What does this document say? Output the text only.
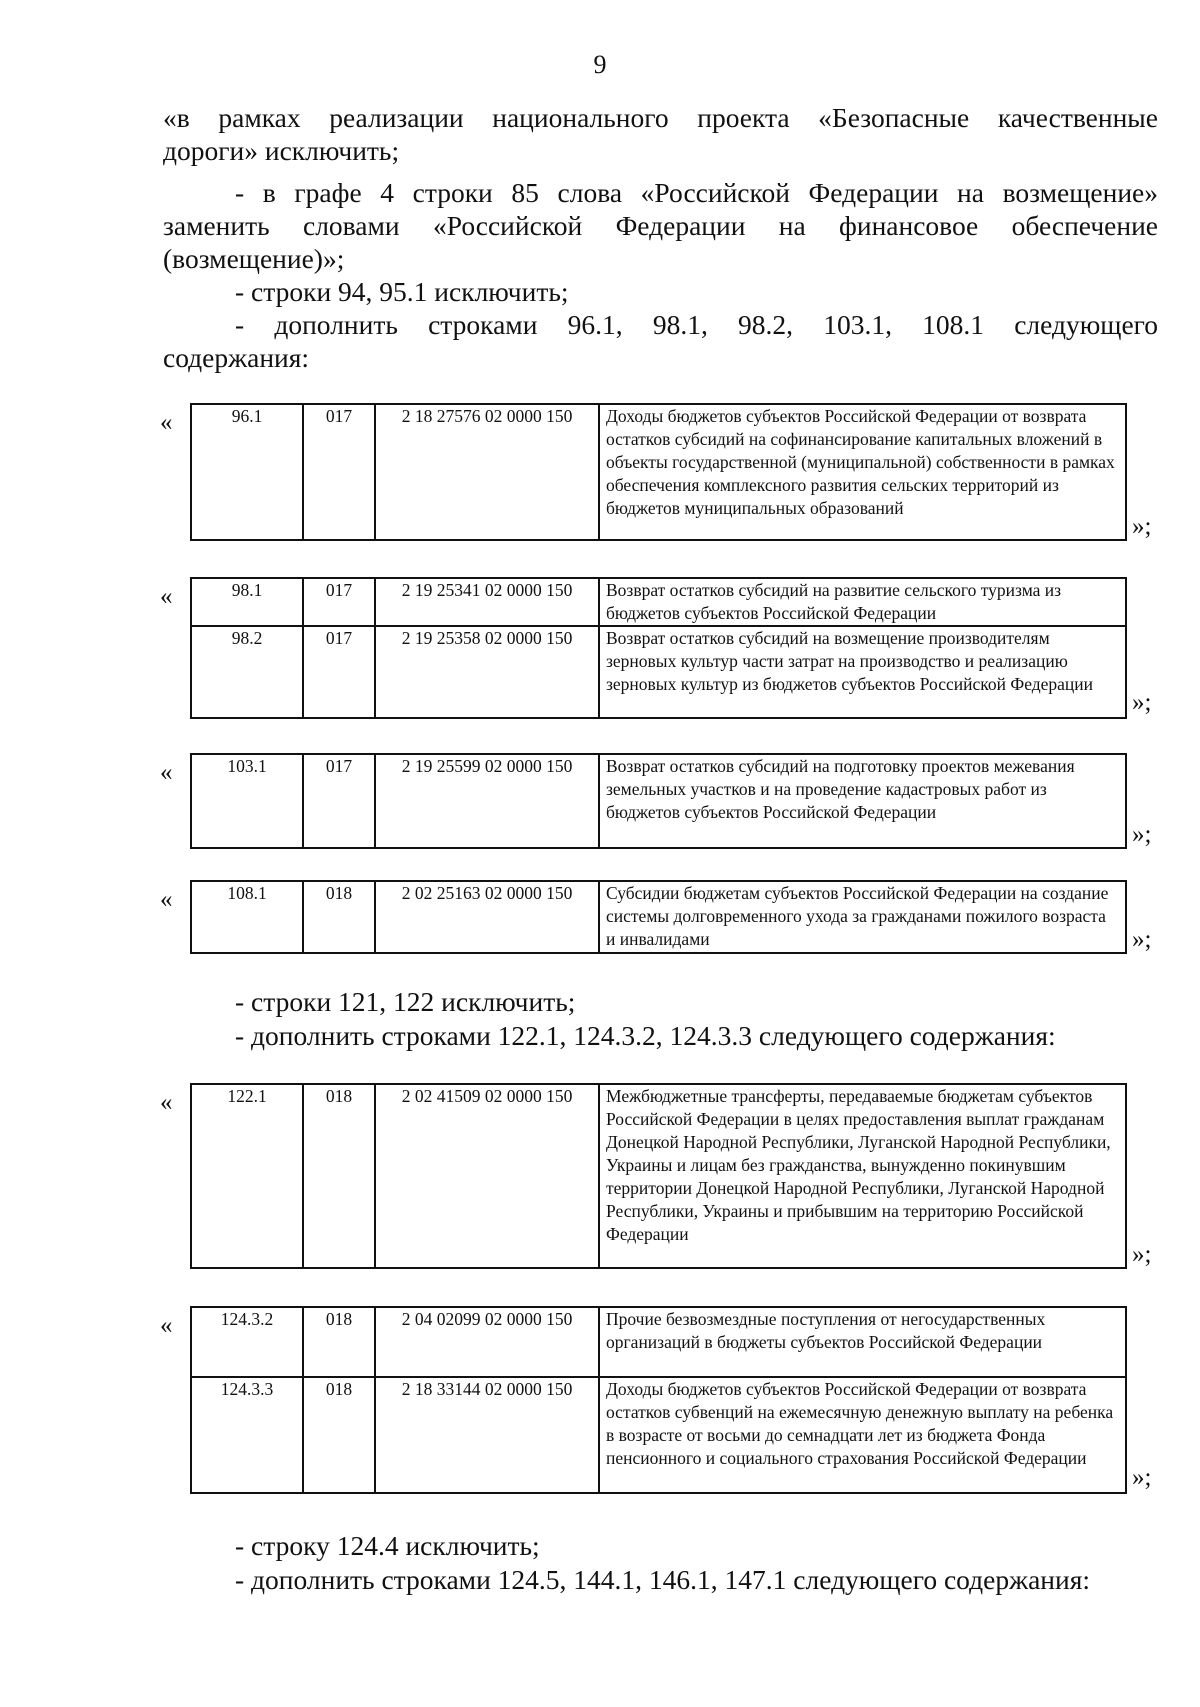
9
«в рамках реализации национального проекта «Безопасные качественные
дороги» исключить;
- в графе 4 строки 85 слова «Российской Федерации на возмещение»
заменить словами «Российской Федерации на финансовое обеспечение
(возмещение)»;
- строки 94, 95.1 исключить;
- дополнить строками 96.1, 98.1, 98.2, 103.1, 108.1 следующего
содержания:
«	96.1	017	2 18 27576 02 0000 150	Доходы бюджетов субъектов Российской Федерации от возврата остатков субсидий на софинансирование капитальных вложений в объекты государственной (муниципальной) собственности в рамках обеспечения комплексного развития сельских территорий из бюджетов муниципальных образований
»;
«	98.1	017	2 19 25341 02 0000 150	Возврат остатков субсидий на развитие сельского туризма из бюджетов субъектов Российской Федерации
98.2	017	2 19 25358 02 0000 150	Возврат остатков субсидий на возмещение производителям зерновых культур части затрат на производство и реализацию зерновых культур из бюджетов субъектов Российской Федерации
»;
«	103.1	017	2 19 25599 02 0000 150	Возврат остатков субсидий на подготовку проектов межевания земельных участков и на проведение кадастровых работ из бюджетов субъектов Российской Федерации
»;
«	108.1	018	2 02 25163 02 0000 150	Субсидии бюджетам субъектов Российской Федерации на создание системы долговременного ухода за гражданами пожилого возраста и инвалидами	»;
- строки 121, 122 исключить;
- дополнить строками 122.1, 124.3.2, 124.3.3 следующего содержания:
«	122.1	018	2 02 41509 02 0000 150	Межбюджетные трансферты, передаваемые бюджетам субъектов Российской Федерации в целях предоставления выплат гражданам Донецкой Народной Республики, Луганской Народной Республики, Украины и лицам без гражданства, вынужденно покинувшим территории Донецкой Народной Республики, Луганской Народной Республики, Украины и прибывшим на территорию Российской Федерации
»;
«	124.3.2	018	2 04 02099 02 0000 150	Прочие безвозмездные поступления от негосударственных организаций в бюджеты субъектов Российской Федерации
124.3.3	018	2 18 33144 02 0000 150	Доходы бюджетов субъектов Российской Федерации от возврата остатков субвенций на ежемесячную денежную выплату на ребенка в возрасте от восьми до семнадцати лет из бюджета Фонда пенсионного и социального страхования Российской Федерации
»;
- строку 124.4 исключить;
- дополнить строками 124.5, 144.1, 146.1, 147.1 следующего содержания:
